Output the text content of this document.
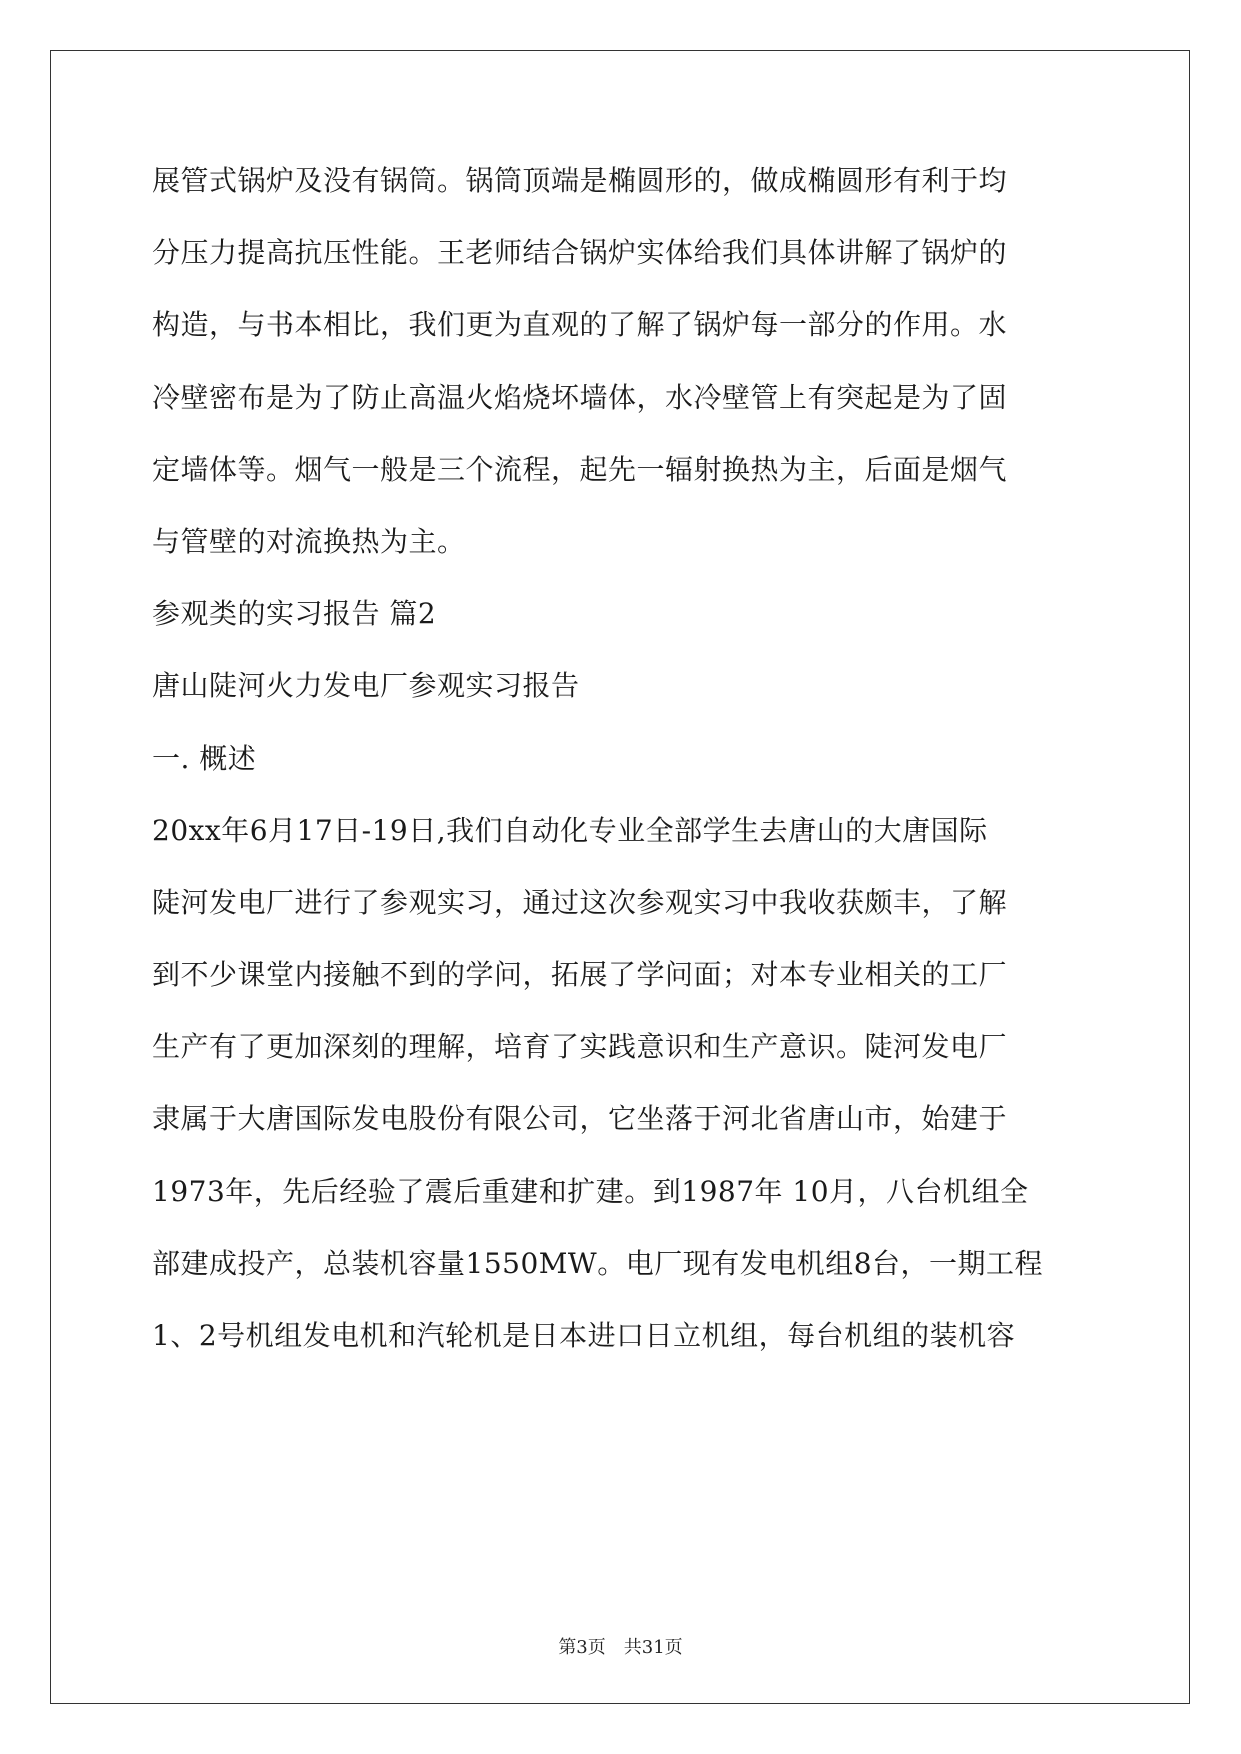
展管式锅炉及没有锅筒。锅筒顶端是椭圆形的，做成椭圆形有利于均

分压力提高抗压性能。王老师结合锅炉实体给我们具体讲解了锅炉的

构造，与书本相比，我们更为直观的了解了锅炉每一部分的作用。水

冷壁密布是为了防止高温火焰烧坏墙体，水冷壁管上有突起是为了固

定墙体等。烟气一般是三个流程，起先一辐射换热为主，后面是烟气

与管壁的对流换热为主。

参观类的实习报告 篇2

唐山陡河火力发电厂参观实习报告

一. 概述

20xx年6月17日-19日,我们自动化专业全部学生去唐山的大唐国际

陡河发电厂进行了参观实习，通过这次参观实习中我收获颇丰，了解

到不少课堂内接触不到的学问，拓展了学问面；对本专业相关的工厂

生产有了更加深刻的理解，培育了实践意识和生产意识。陡河发电厂

隶属于大唐国际发电股份有限公司，它坐落于河北省唐山市，始建于

1973年，先后经验了震后重建和扩建。到1987年 10月，八台机组全

部建成投产，总装机容量1550MW。电厂现有发电机组8台，一期工程

1、2号机组发电机和汽轮机是日本进口日立机组，每台机组的装机容

第3页　共31页
